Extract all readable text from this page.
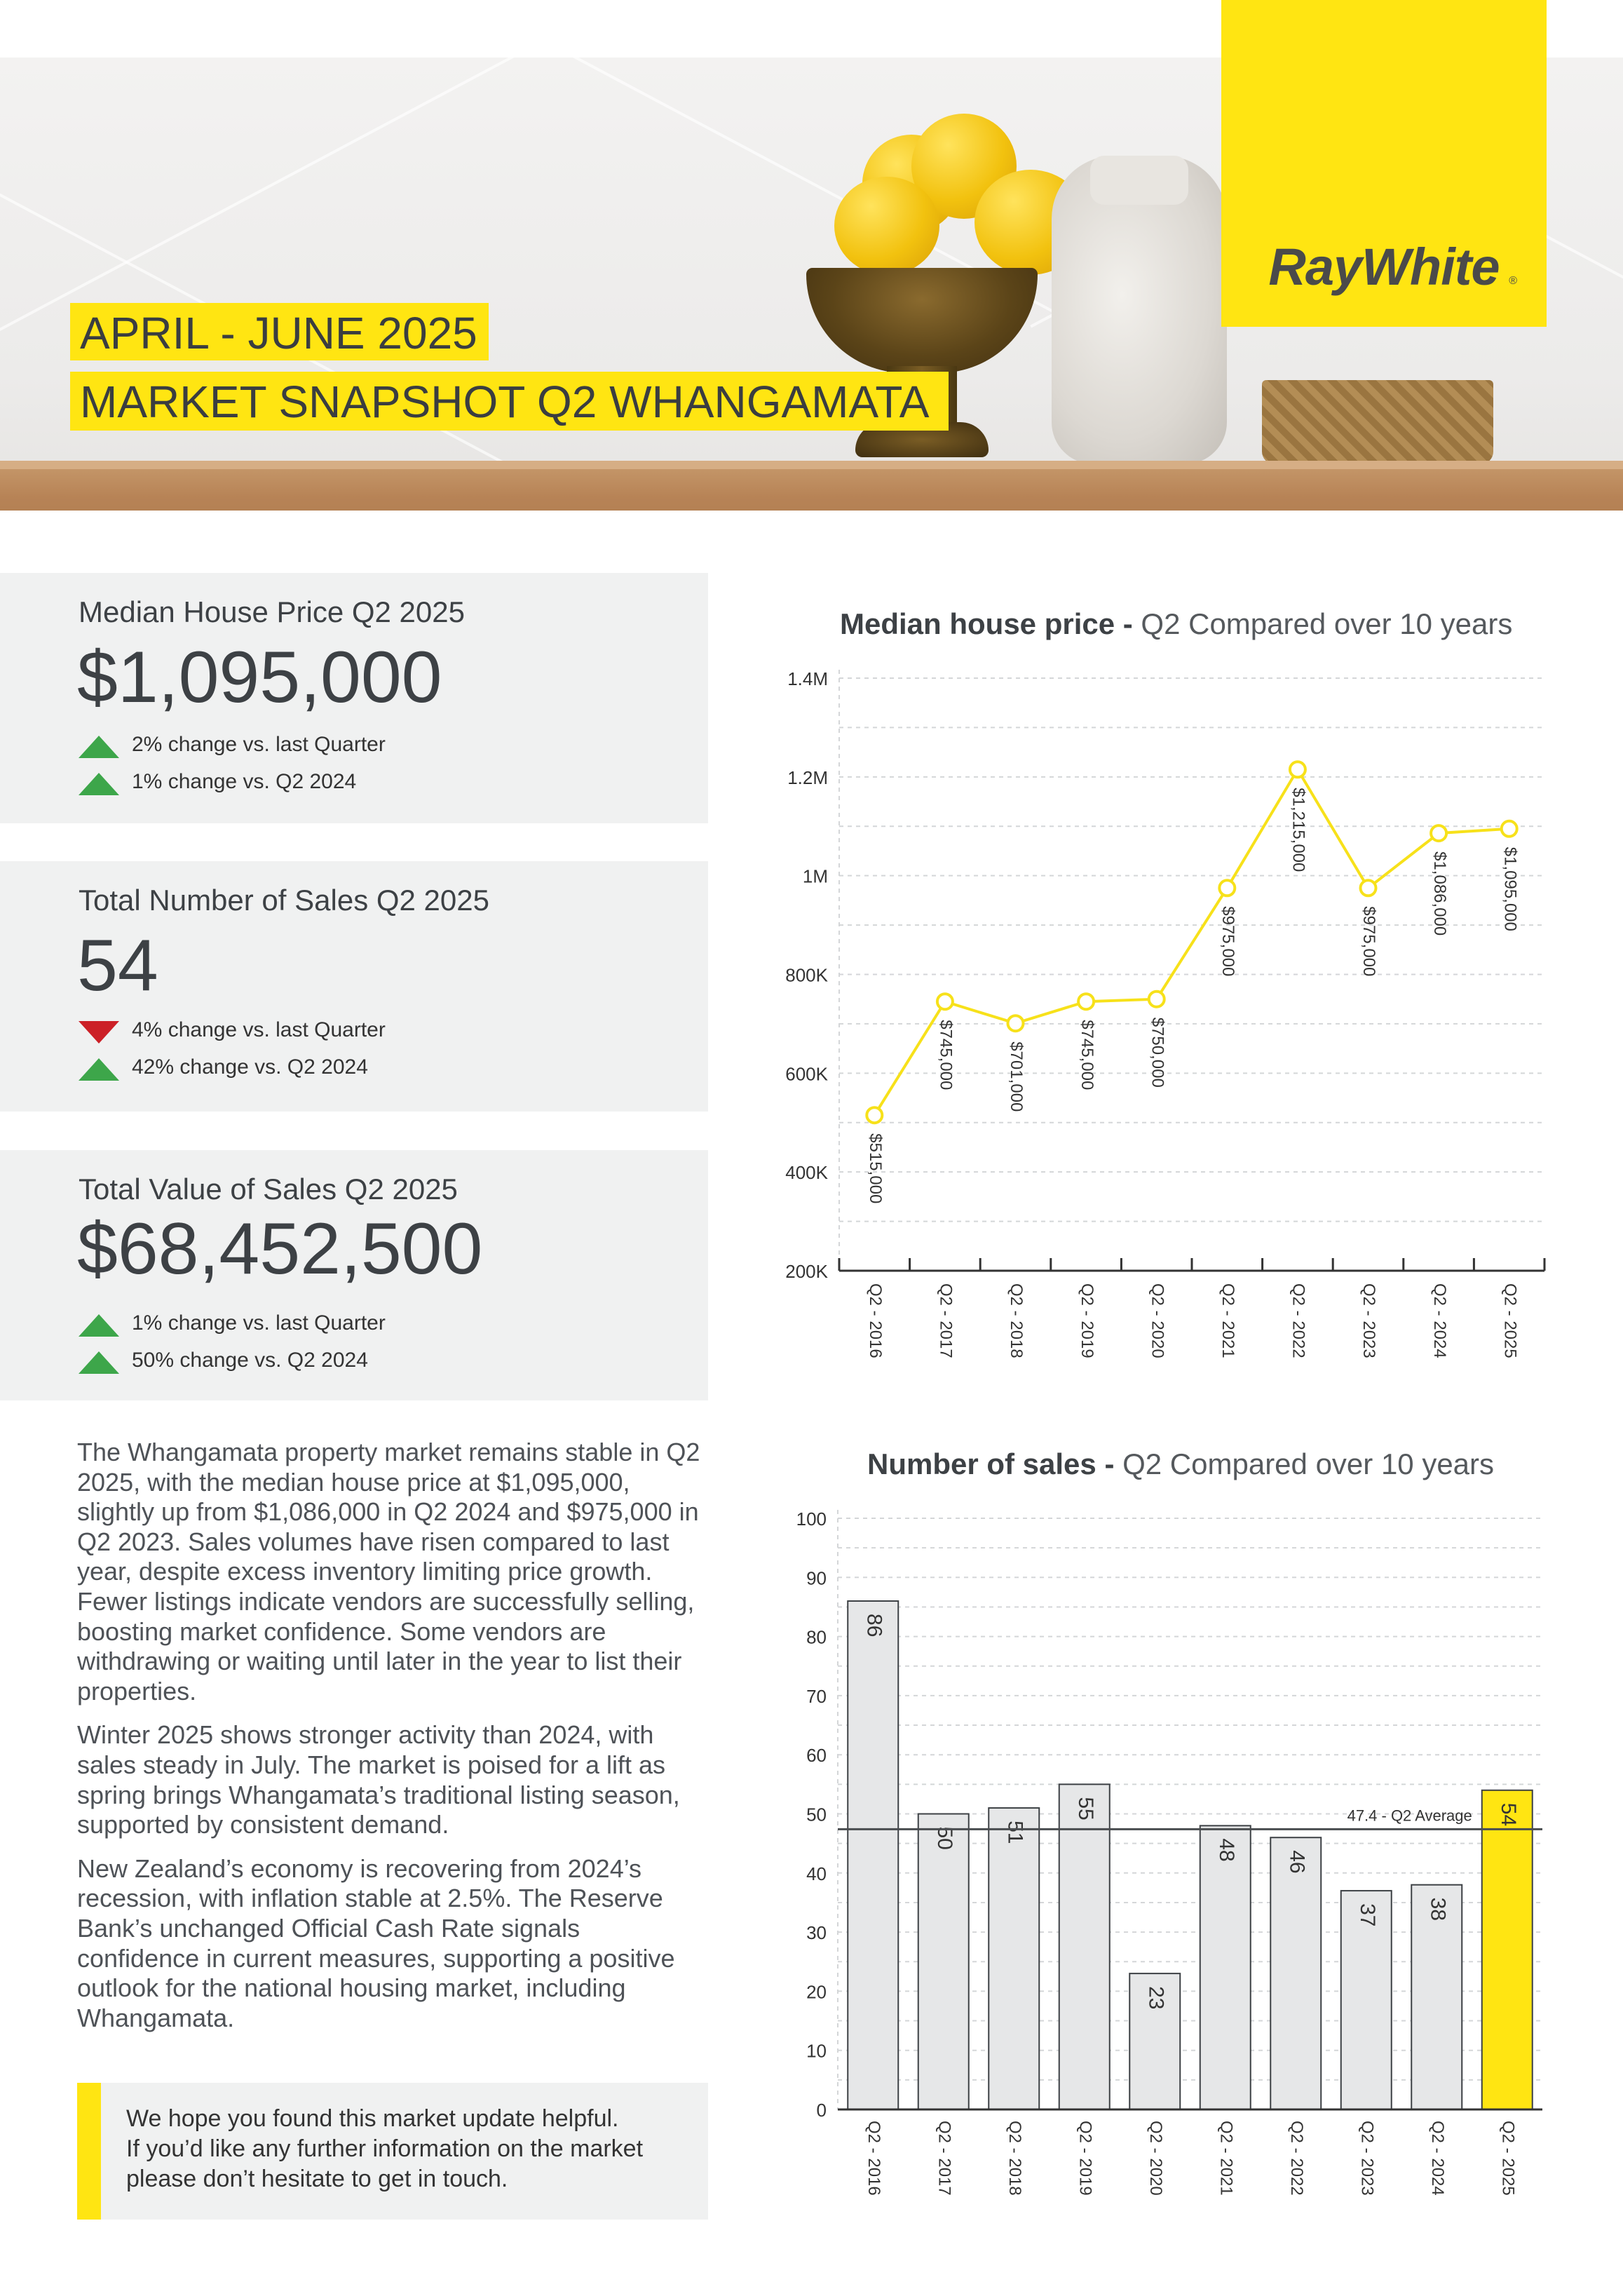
RayWhite ®
APRIL - JUNE 2025
MARKET SNAPSHOT Q2 WHANGAMATA
Median House Price Q2 2025
$1,095,000
2% change vs. last Quarter
1% change vs. Q2 2024
Total Number of Sales Q2 2025
54
4% change vs. last Quarter
42% change vs. Q2 2024
Total Value of Sales Q2 2025
$68,452,500
1% change vs. last Quarter
50% change vs. Q2 2024

The Whangamata property market remains stable in Q2 2025, with the median house price at $1,095,000, slightly up from $1,086,000 in Q2 2024 and $975,000 in Q2 2023. Sales volumes have risen compared to last year, despite excess inventory limiting price growth. Fewer listings indicate vendors are successfully selling, boosting market confidence. Some vendors are withdrawing or waiting until later in the year to list their properties.

Winter 2025 shows stronger activity than 2024, with sales steady in July. The market is poised for a lift as spring brings Whangamata’s traditional listing season, supported by consistent demand.

New Zealand’s economy is recovering from 2024’s recession, with inflation stable at 2.5%. The Reserve Bank’s unchanged Official Cash Rate signals confidence in current measures, supporting a positive outlook for the national housing market, including Whangamata.

We hope you found this market update helpful.
If you’d like any further information on the market
please don’t hesitate to get in touch.
Median house price - Q2 Compared over 10 years
Number of sales - Q2 Compared over 10 years
200K
400K
600K
800K
1M
1.2M
1.4M
Q2 - 2016	Q2 - 2017	Q2 - 2018	Q2 - 2019	Q2 - 2020	Q2 - 2021	Q2 - 2022	Q2 - 2023	Q2 - 2024	Q2 - 2025
$515,000
$745,000	$701,000	$745,000	$750,000
$975,000
$1,215,000
$975,000
$1,086,000	$1,095,000
0
10
20
30
40
50
60
70
80
90
100
86
50 51
55
23
48
46
37 38
54
47.4 - Q2 Average
Q2 - 2016	Q2 - 2017	Q2 - 2018	Q2 - 2019	Q2 - 2020	Q2 - 2021	Q2 - 2022	Q2 - 2023	Q2 - 2024	Q2 - 2025
